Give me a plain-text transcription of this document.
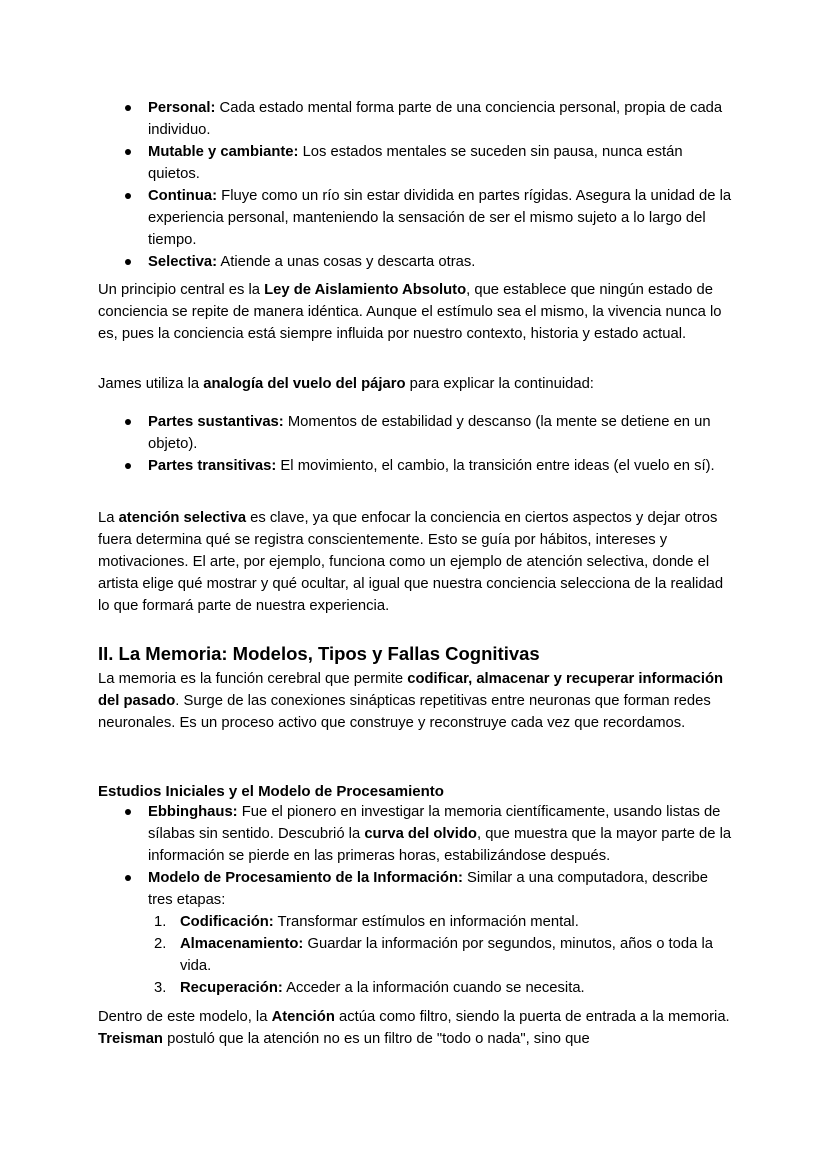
II. La Memoria: Modelos, Tipos y Fallas Cognitivas
Estudios Iniciales y el Modelo de Procesamiento
Personal: Cada estado mental forma parte de una conciencia personal, propia de cada individuo.
Mutable y cambiante: Los estados mentales se suceden sin pausa, nunca están quietos.
Continua: Fluye como un río sin estar dividida en partes rígidas. Asegura la unidad de la experiencia personal, manteniendo la sensación de ser el mismo sujeto a lo largo del tiempo.
Selectiva: Atiende a unas cosas y descarta otras.
Un principio central es la Ley de Aislamiento Absoluto, que establece que ningún estado de conciencia se repite de manera idéntica. Aunque el estímulo sea el mismo, la vivencia nunca lo es, pues la conciencia está siempre influida por nuestro contexto, historia y estado actual.
James utiliza la analogía del vuelo del pájaro para explicar la continuidad:
Partes sustantivas: Momentos de estabilidad y descanso (la mente se detiene en un objeto).
Partes transitivas: El movimiento, el cambio, la transición entre ideas (el vuelo en sí).
La atención selectiva es clave, ya que enfocar la conciencia en ciertos aspectos y dejar otros fuera determina qué se registra conscientemente. Esto se guía por hábitos, intereses y motivaciones. El arte, por ejemplo, funciona como un ejemplo de atención selectiva, donde el artista elige qué mostrar y qué ocultar, al igual que nuestra conciencia selecciona de la realidad lo que formará parte de nuestra experiencia.
La memoria es la función cerebral que permite codificar, almacenar y recuperar información del pasado. Surge de las conexiones sinápticas repetitivas entre neuronas que forman redes neuronales. Es un proceso activo que construye y reconstruye cada vez que recordamos.
Ebbinghaus: Fue el pionero en investigar la memoria científicamente, usando listas de sílabas sin sentido. Descubrió la curva del olvido, que muestra que la mayor parte de la información se pierde en las primeras horas, estabilizándose después.
Modelo de Procesamiento de la Información: Similar a una computadora, describe tres etapas:
1. Codificación: Transformar estímulos en información mental.
2. Almacenamiento: Guardar la información por segundos, minutos, años o toda la vida.
3. Recuperación: Acceder a la información cuando se necesita.
Dentro de este modelo, la Atención actúa como filtro, siendo la puerta de entrada a la memoria. Treisman postuló que la atención no es un filtro de "todo o nada", sino que
